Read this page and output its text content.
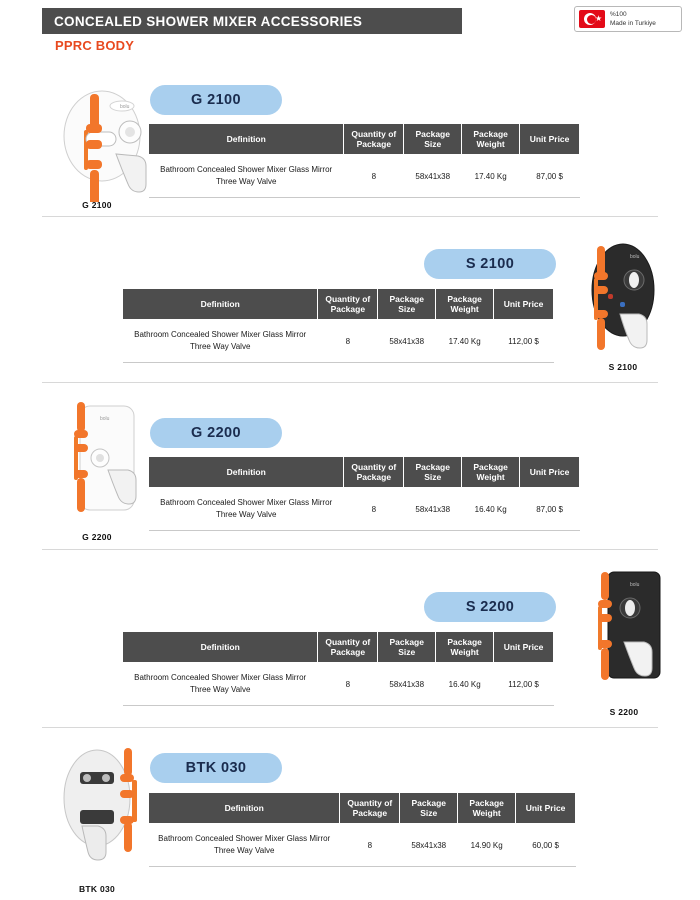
CONCEALED SHOWER MIXER ACCESSORIES
PPRC BODY
★ %100
Made in Turkiye
bolu
G 2100
G 2100
Definition	Quantity of Package	Package Size	Package Weight	Unit Price
Bathroom Concealed Shower Mixer Glass Mirror Three Way Valve	8	58x41x38	17.40 Kg	87,00 $
bolu
S 2100
S 2100
Definition	Quantity of Package	Package Size	Package Weight	Unit Price
Bathroom Concealed Shower Mixer Glass Mirror Three Way Valve	8	58x41x38	17.40 Kg	112,00 $
bolu
G 2200
G 2200
Definition	Quantity of Package	Package Size	Package Weight	Unit Price
Bathroom Concealed Shower Mixer Glass Mirror Three Way Valve	8	58x41x38	16.40 Kg	87,00 $
bolu
S 2200
S 2200
Definition	Quantity of Package	Package Size	Package Weight	Unit Price
Bathroom Concealed Shower Mixer Glass Mirror Three Way Valve	8	58x41x38	16.40 Kg	112,00 $
BTK 030
BTK 030
Definition	Quantity of Package	Package Size	Package Weight	Unit Price
Bathroom Concealed Shower Mixer Glass Mirror Three Way Valve	8	58x41x38	14.90 Kg	60,00 $
